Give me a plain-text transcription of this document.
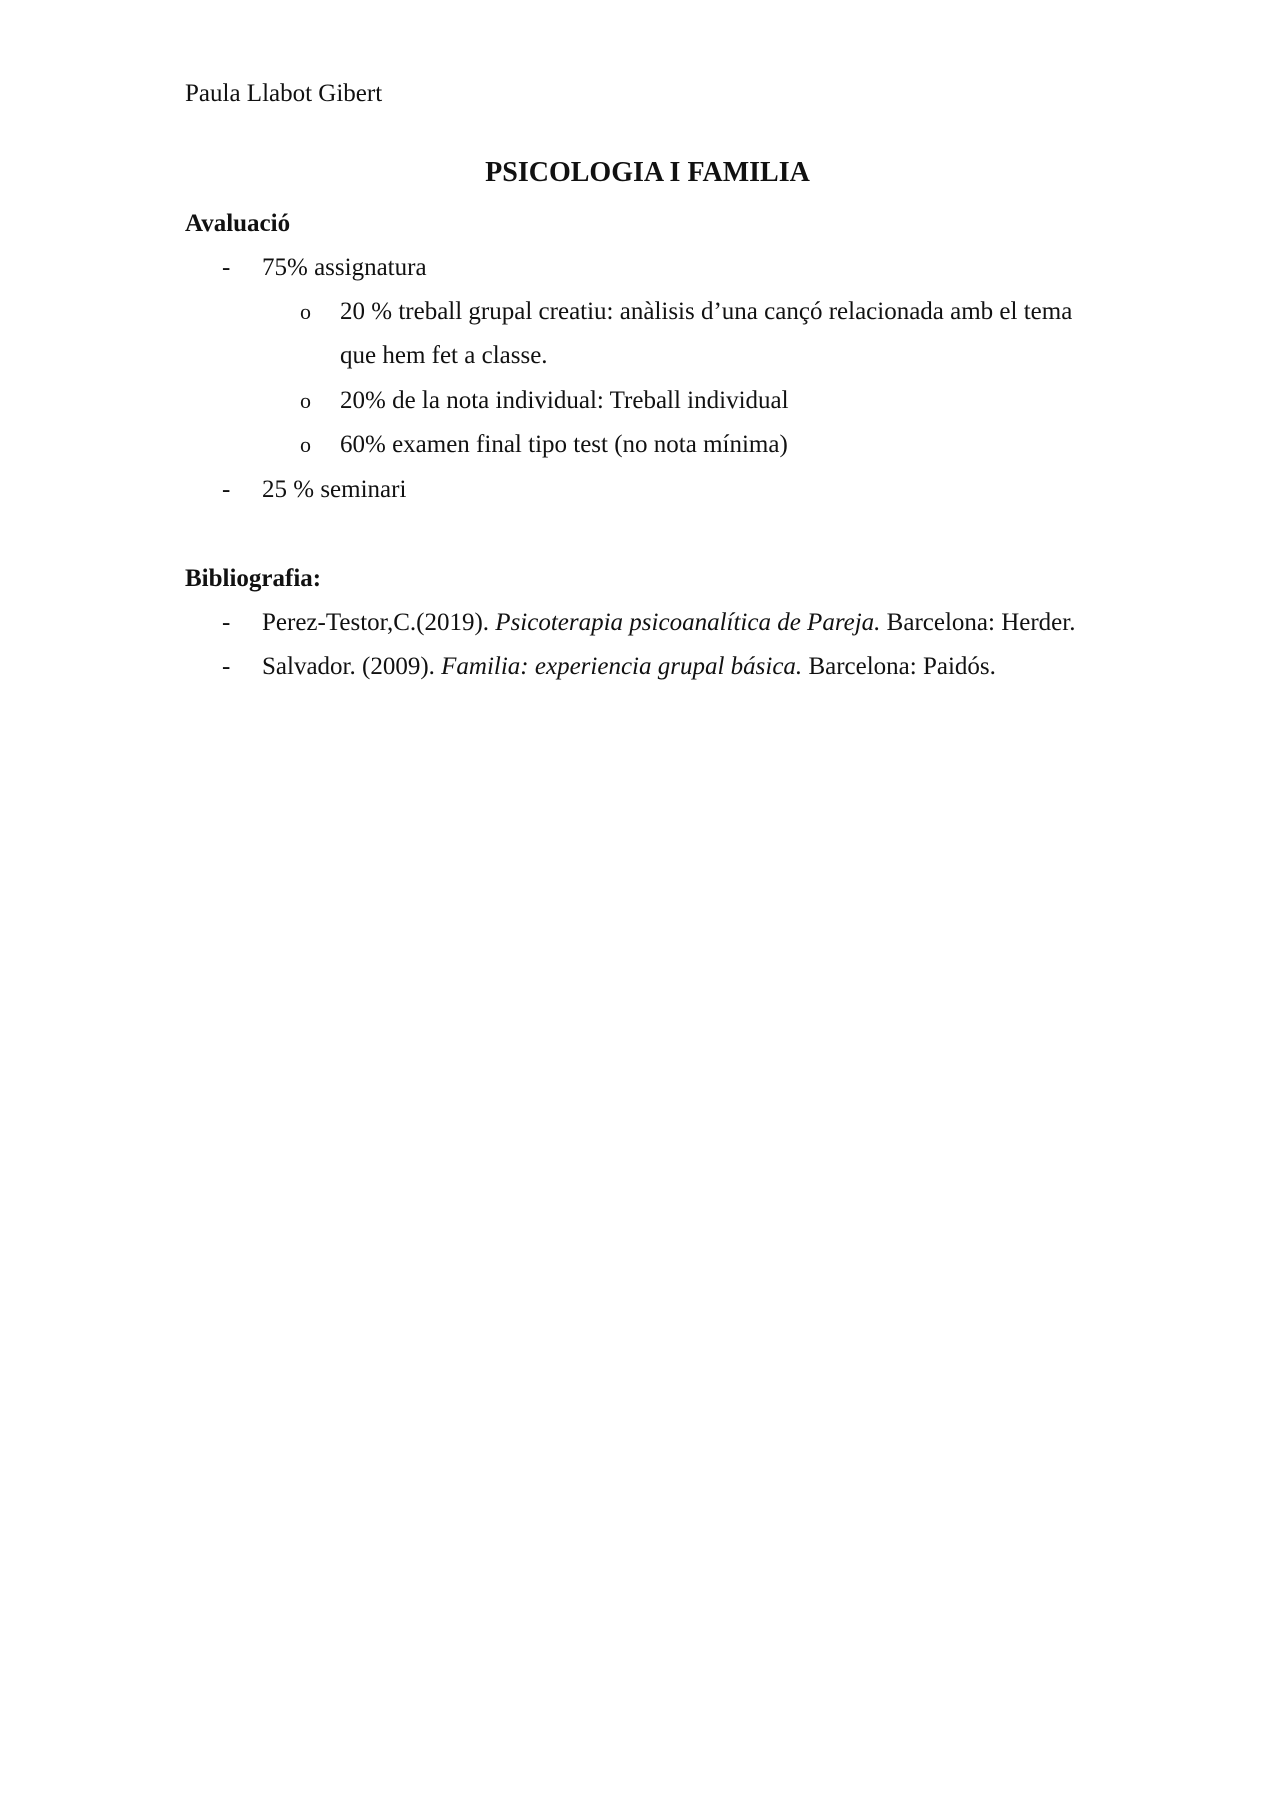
Paula Llabot Gibert
PSICOLOGIA I FAMILIA
Avaluació
- 75% assignatura
o 20 % treball grupal creatiu: anàlisis d’una cançó relacionada amb el tema
que hem fet a classe.
o 20% de la nota individual: Treball individual
o 60% examen final tipo test (no nota mínima)
- 25 % seminari
Bibliografia:
- Perez-Testor,C.(2019). Psicoterapia psicoanalítica de Pareja. Barcelona: Herder.
- Salvador. (2009). Familia: experiencia grupal básica. Barcelona: Paidós.
